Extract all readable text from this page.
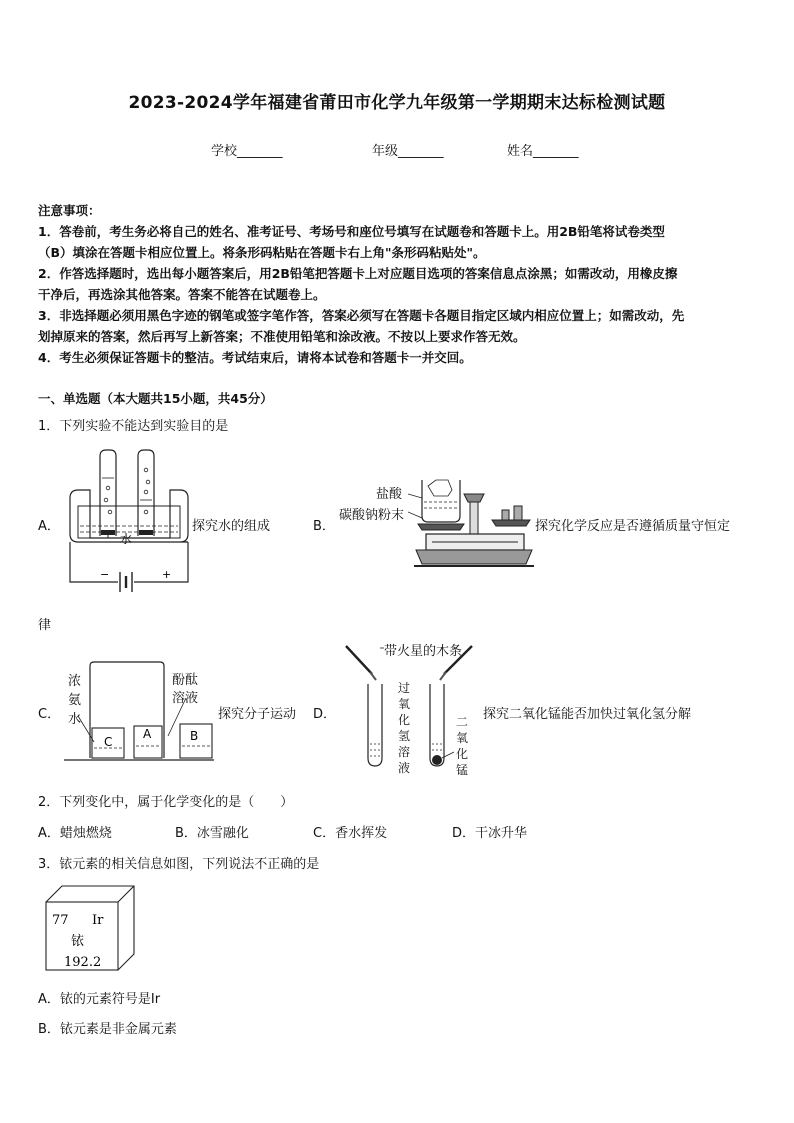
2023-2024学年福建省莆田市化学九年级第一学期期末达标检测试题
学校_______	年级_______	姓名_______

注意事项：

1．答卷前，考生务必将自己的姓名、准考证号、考场号和座位号填写在试题卷和答题卡上。用2B铅笔将试卷类型

（B）填涂在答题卡相应位置上。将条形码粘贴在答题卡右上角"条形码粘贴处"。

2．作答选择题时，选出每小题答案后，用2B铅笔把答题卡上对应题目选项的答案信息点涂黑；如需改动，用橡皮擦

干净后，再选涂其他答案。答案不能答在试题卷上。

3．非选择题必须用黑色字迹的钢笔或签字笔作答，答案必须写在答题卡各题目指定区域内相应位置上；如需改动，先

划掉原来的答案，然后再写上新答案；不准使用铅笔和涂改液。不按以上要求作答无效。

4．考生必须保证答题卡的整洁。考试结束后，请将本试卷和答题卡一并交回。

一、单选题（本大题共15小题，共45分）
1．下列实验不能达到实验目的是
A．
水
−	+
探究水的组成	B．
盐酸
碳酸钠粉末
探究化学反应是否遵循质量守恒定
律
C．
浓
氨
水
酚酞
溶液
C
A	B
探究分子运动 D．
带火星的木条
过
氧
化
氢
溶
液
二
氧
化
锰
探究二氧化锰能否加快过氧化氢分解
2．下列变化中，属于化学变化的是（　　）
A．蜡烛燃烧	B．冰雪融化	C．香水挥发	D．干冰升华
3．铱元素的相关信息如图，下列说法不正确的是
77 Ir
铱
192.2
A．铱的元素符号是Ir
B．铱元素是非金属元素
